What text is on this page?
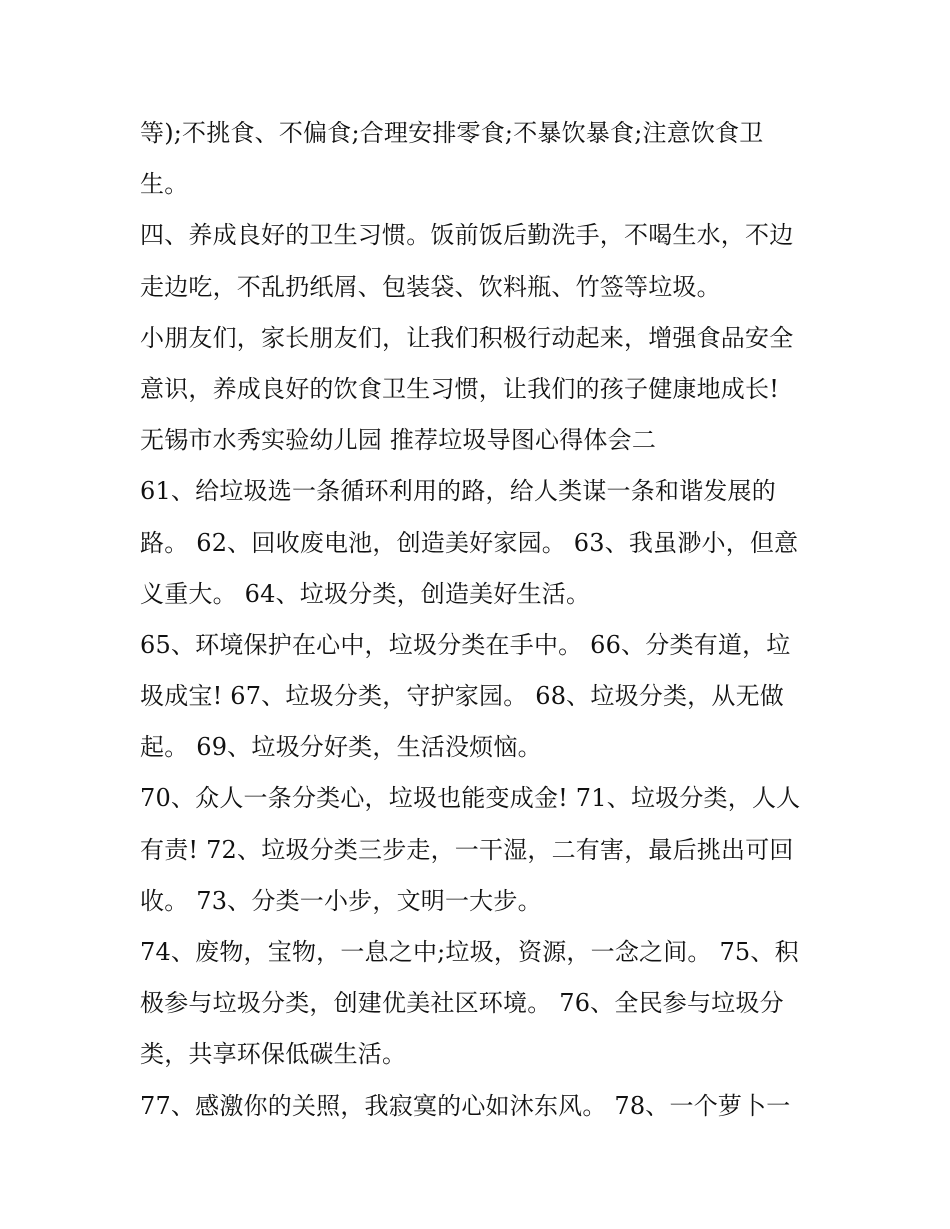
等);不挑食、不偏食;合理安排零食;不暴饮暴食;注意饮食卫
生。
四、养成良好的卫生习惯。饭前饭后勤洗手，不喝生水，不边
走边吃，不乱扔纸屑、包装袋、饮料瓶、竹签等垃圾。
小朋友们，家长朋友们，让我们积极行动起来，增强食品安全
意识，养成良好的饮食卫生习惯，让我们的孩子健康地成长!
无锡市水秀实验幼儿园 推荐垃圾导图心得体会二
61、给垃圾选一条循环利用的路，给人类谋一条和谐发展的
路。 62、回收废电池，创造美好家园。 63、我虽渺小，但意
义重大。 64、垃圾分类，创造美好生活。
65、环境保护在心中，垃圾分类在手中。 66、分类有道，垃
圾成宝! 67、垃圾分类，守护家园。 68、垃圾分类，从无做
起。 69、垃圾分好类，生活没烦恼。
70、众人一条分类心，垃圾也能变成金! 71、垃圾分类，人人
有责! 72、垃圾分类三步走，一干湿，二有害，最后挑出可回
收。 73、分类一小步，文明一大步。
74、废物，宝物，一息之中;垃圾，资源，一念之间。 75、积
极参与垃圾分类，创建优美社区环境。 76、全民参与垃圾分
类，共享环保低碳生活。
77、感激你的关照，我寂寞的心如沐东风。 78、一个萝卜一
